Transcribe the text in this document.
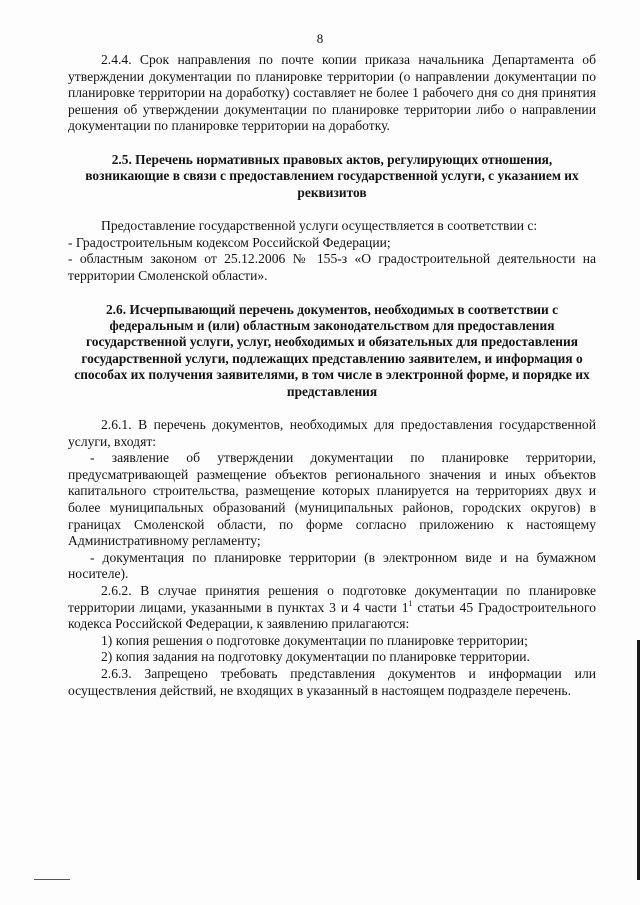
8

2.4.4. Срок направления по почте копии приказа начальника Департамента об утверждении документации по планировке территории (о направлении документации по планировке территории на доработку) составляет не более 1 рабочего дня со дня принятия решения об утверждении документации по планировке территории либо о направлении документации по планировке территории на доработку.

2.5. Перечень нормативных правовых актов, регулирующих отношения, возникающие в связи с предоставлением государственной услуги, с указанием их реквизитов

Предоставление государственной услуги осуществляется в соответствии с:

- Градостроительным кодексом Российской Федерации;

- областным законом от 25.12.2006 № 155-з «О градостроительной деятельности на территории Смоленской области».

2.6. Исчерпывающий перечень документов, необходимых в соответствии с федеральным и (или) областным законодательством для предоставления государственной услуги, услуг, необходимых и обязательных для предоставления государственной услуги, подлежащих представлению заявителем, и информация о способах их получения заявителями, в том числе в электронной форме, и порядке их представления

2.6.1. В перечень документов, необходимых для предоставления государственной услуги, входят:

- заявление об утверждении документации по планировке территории, предусматривающей размещение объектов регионального значения и иных объектов капитального строительства, размещение которых планируется на территориях двух и более муниципальных образований (муниципальных районов, городских округов) в границах Смоленской области, по форме согласно приложению к настоящему Административному регламенту;

- документация по планировке территории (в электронном виде и на бумажном носителе).

2.6.2. В случае принятия решения о подготовке документации по планировке территории лицами, указанными в пунктах 3 и 4 части $1^1$ статьи 45 Градостроительного кодекса Российской Федерации, к заявлению прилагаются:

1) копия решения о подготовке документации по планировке территории;

2) копия задания на подготовку документации по планировке территории.

2.6.3. Запрещено требовать представления документов и информации или осуществления действий, не входящих в указанный в настоящем подразделе перечень.
